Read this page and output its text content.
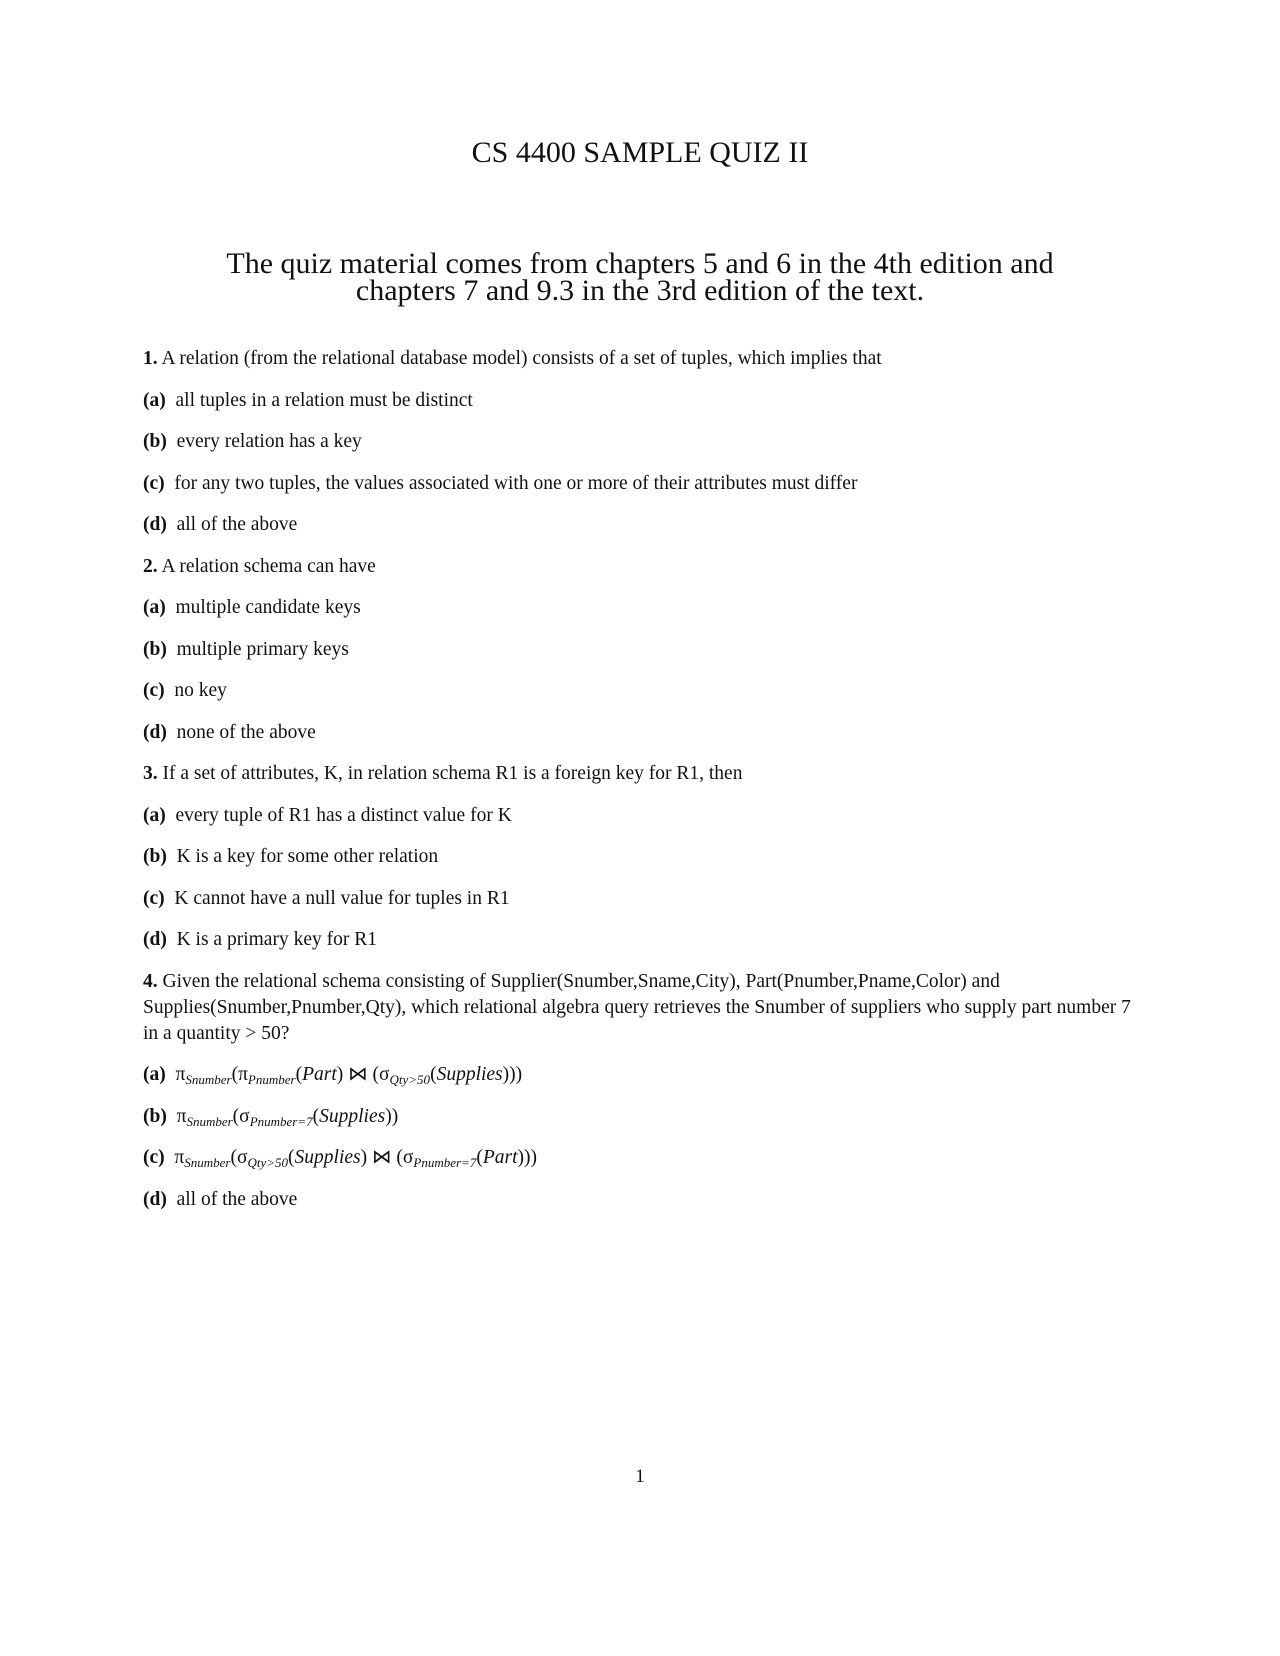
CS 4400 SAMPLE QUIZ II
The quiz material comes from chapters 5 and 6 in the 4th edition and
chapters 7 and 9.3 in the 3rd edition of the text.
1. A relation (from the relational database model) consists of a set of tuples, which implies that
(a) all tuples in a relation must be distinct
(b) every relation has a key
(c) for any two tuples, the values associated with one or more of their attributes must differ
(d) all of the above
2. A relation schema can have
(a) multiple candidate keys
(b) multiple primary keys
(c) no key
(d) none of the above
3. If a set of attributes, K, in relation schema R1 is a foreign key for R1, then
(a) every tuple of R1 has a distinct value for K
(b) K is a key for some other relation
(c) K cannot have a null value for tuples in R1
(d) K is a primary key for R1
4. Given the relational schema consisting of Supplier(Snumber,Sname,City), Part(Pnumber,Pname,Color) and Supplies(Snumber,Pnumber,Qty), which relational algebra query retrieves the Snumber of suppliers who supply part number 7 in a quantity > 50?
(a) $\pi_{Snumber}(\pi_{Pnumber}(Part)$ ⋈ $(\sigma_{Qty>50}(Supplies))$)
(b) $\pi_{Snumber}(\sigma_{Pnumber=7}(Supplies))$
(c) $\pi_{Snumber}(\sigma_{Qty>50}(Supplies)$ ⋈ $(\sigma_{Pnumber=7}(Part))$)
(d) all of the above
1
